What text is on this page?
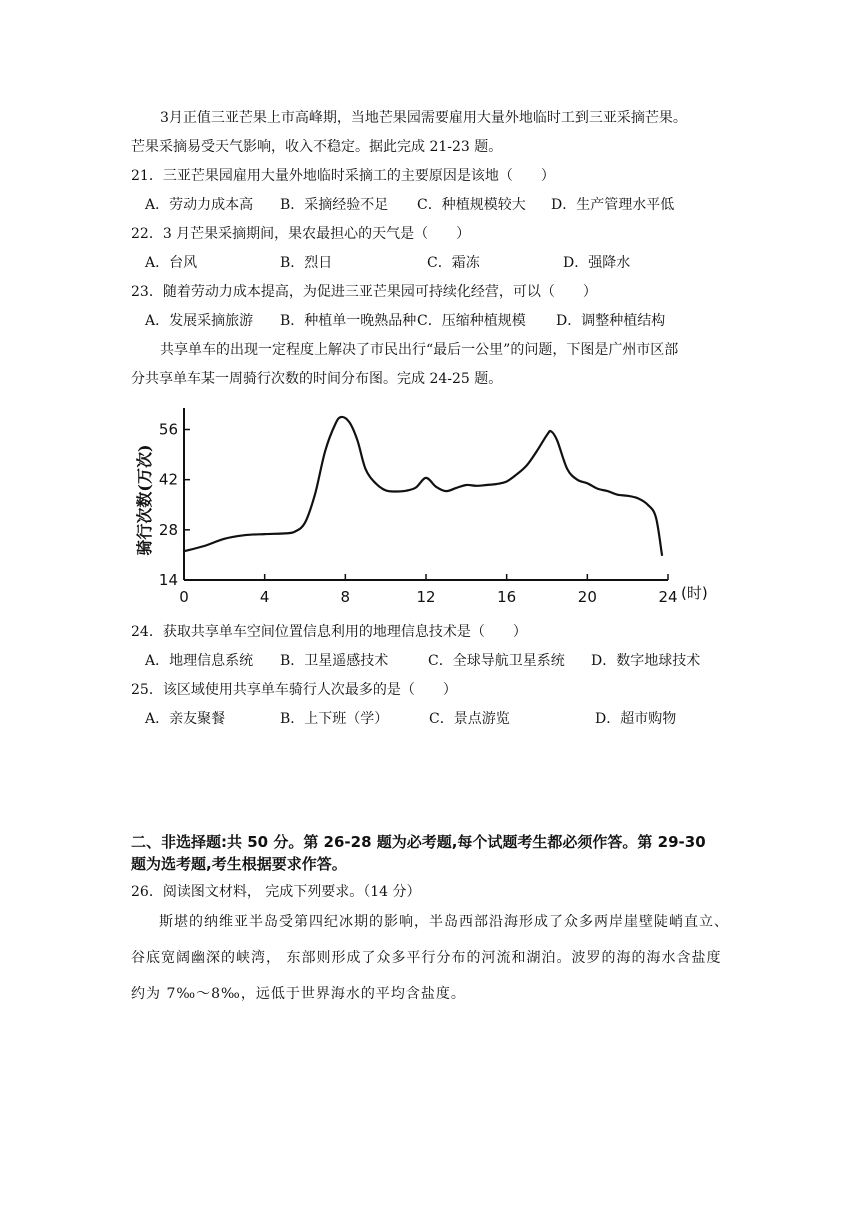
3月正值三亚芒果上市高峰期，当地芒果园需要雇用大量外地临时工到三亚采摘芒果。
芒果采摘易受天气影响，收入不稳定。据此完成 21-23 题。
21．三亚芒果园雇用大量外地临时采摘工的主要原因是该地（　　）
A．劳动力成本高 B．采摘经验不足 C．种植规模较大 D．生产管理水平低
22．3 月芒果采摘期间，果农最担心的天气是（　　）
A．台风	B．烈日	C．霜冻	D．强降水
23．随着劳动力成本提高，为促进三亚芒果园可持续化经营，可以（　　）
A．发展采摘旅游 B．种植单一晚熟品种 C．压缩种植规模 D．调整种植结构
共享单车的出现一定程度上解决了市民出行“最后一公里”的问题，下图是广州市区部
分共享单车某一周骑行次数的时间分布图。完成 24-25 题。
骑行次数(万次)
14
28
42
56
0	4	8	12	16	20	24 (时)
24．获取共享单车空间位置信息利用的地理信息技术是（　　）
A．地理信息系统 B．卫星遥感技术	C．全球导航卫星系统 D．数字地球技术
25．该区域使用共享单车骑行人次最多的是（　　）
A．亲友聚餐	B．上下班（学）	C．景点游览	D．超市购物
二、非选择题:共 50 分。第 26-28 题为必考题,每个试题考生都必须作答。第 29-30
题为选考题,考生根据要求作答。
26．阅读图文材料， 完成下列要求。（14 分）
斯堪的纳维亚半岛受第四纪冰期的影响，半岛西部沿海形成了众多两岸崖壁陡峭直立、 谷底宽阔幽深的峡湾， 东部则形成了众多平行分布的河流和湖泊。波罗的海的海水含盐度约为 7‰～8‰，远低于世界海水的平均含盐度。
